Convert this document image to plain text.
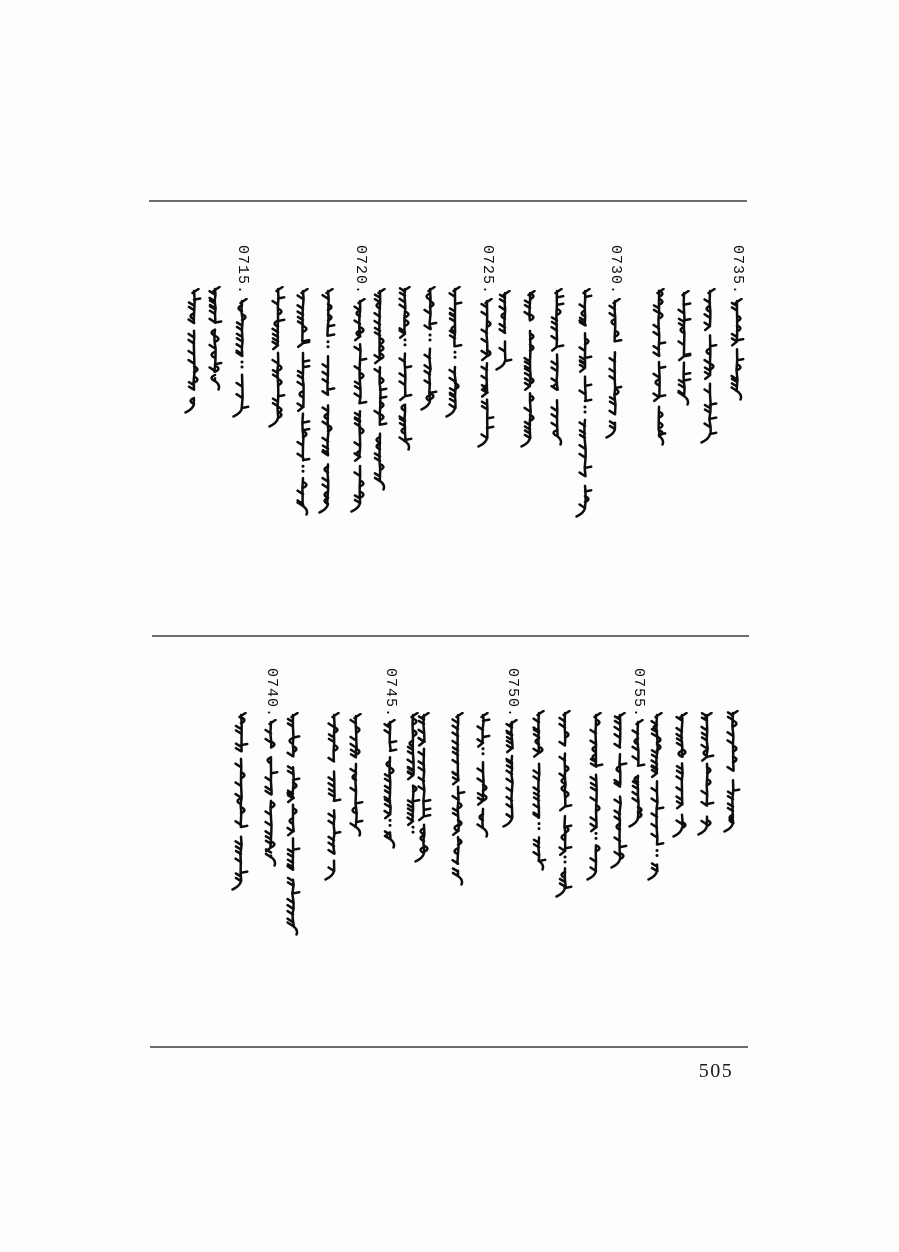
505
0715.	0720.	0725.	0730.	0735.
0740.	0745.	0750.	0755.
